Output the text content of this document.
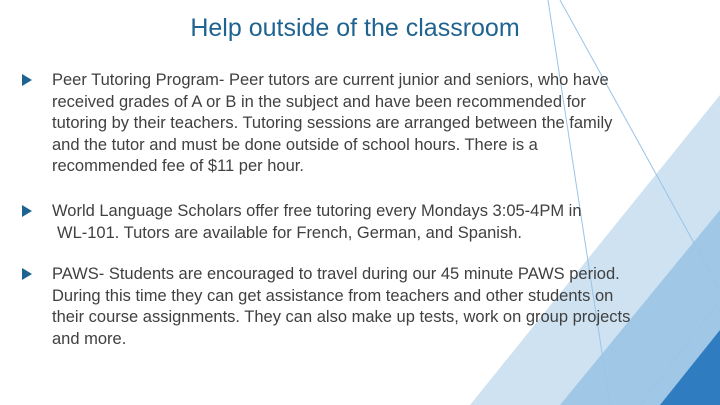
Help outside of the classroom
Peer Tutoring Program- Peer tutors are current junior and seniors, who have
received grades of A or B in the subject and have been recommended for
tutoring by their teachers. Tutoring sessions are arranged between the family
and the tutor and must be done outside of school hours. There is a
recommended fee of $11 per hour.
World Language Scholars offer free tutoring every Mondays 3:05-4PM in

WL-101. Tutors are available for French, German, and Spanish.
PAWS- Students are encouraged to travel during our 45 minute PAWS period.
During this time they can get assistance from teachers and other students on
their course assignments. They can also make up tests, work on group projects
and more.
